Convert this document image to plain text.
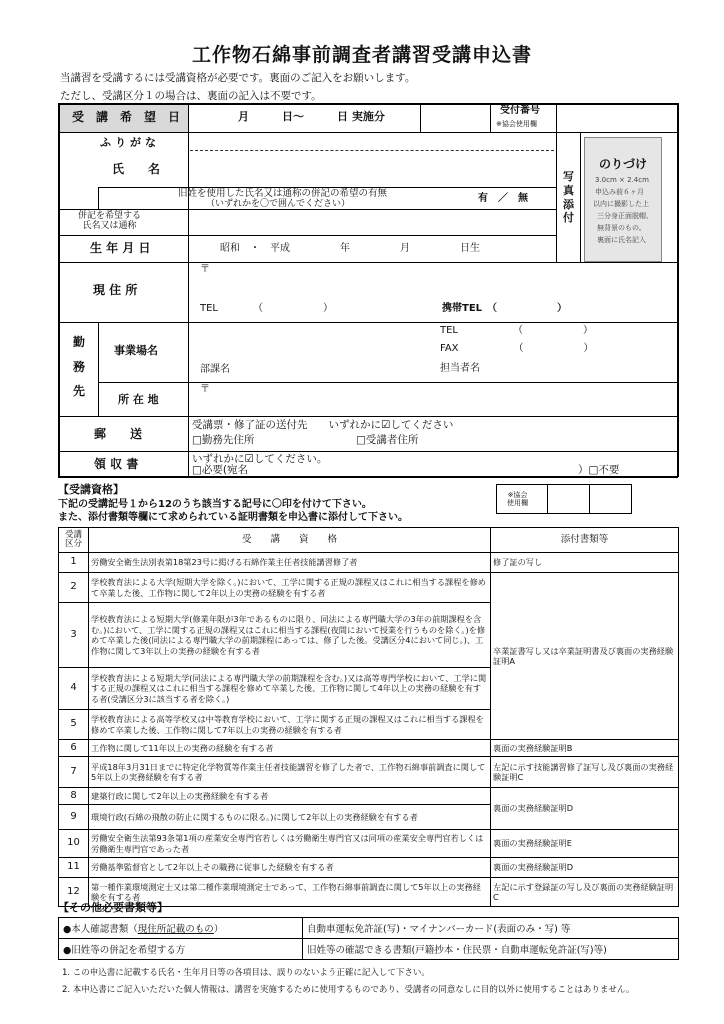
工作物石綿事前調査者講習受講申込書
当講習を受講するには受講資格が必要です。裏面のご記入をお願いします。
ただし、受講区分１の場合は、裏面の記入は不要です。
受　講　希　望　日	月　　　日～　　　日 実施分	受付番号
※協会使用欄
ふりがな
氏　　名
写真添付
のりづけ
3.0cm × 2.4cm
申込み前６ヶ月
以内に撮影した上
三分身正面脱帽、
無背景のもの。
裏面に氏名記入
旧姓を使用した氏名又は通称の併記の希望の有無
（いずれかを〇で囲んでください）	有　／　無
併記を希望する
氏名又は通称
生 年 月 日	昭和　・　平成　　　　　年　　　　　月　　　　　日生
現 住 所
〒
TEL　　　　（　　　　　　）	携帯TEL　（　　　　　　）
勤務先
事業場名
TEL　　　　　　（　　　　　　）
FAX　　　　　　（　　　　　　）
部課名	担当者名
所 在 地
〒
郵　　送
受講票・修了証の送付先　　いずれかに☑してください
□勤務先住所	□受講者住所
領 収 書	いずれかに☑してください。
□必要(宛名	）□不要
【受講資格】
下記の受講記号１から12のうち該当する記号に〇印を付けて下さい。
また、添付書類等欄にて求められている証明書類を申込書に添付して下さい。
※協会
使用欄
受講
区分	受　　講　　資　　格	添付書類等
1	労働安全衛生法別表第18第23号に掲げる石綿作業主任者技能講習修了者	修了証の写し
2	学校教育法による大学(短期大学を除く。)において、工学に関する正規の課程又はこれに相当する課程を修めて卒業した後、工作物に関して2年以上の実務の経験を有する者	卒業証書写し又は卒業証明書及び裏面の実務経験証明A
3	学校教育法による短期大学(修業年限が3年であるものに限り、同法による専門職大学の3年の前期課程を含む。)において、工学に関する正規の課程又はこれに相当する課程(夜間において授業を行うものを除く。)を修めて卒業した後(同法による専門職大学の前期課程にあっては、修了した後。受講区分4において同じ。)、工作物に関して3年以上の実務の経験を有する者	
4	学校教育法による短期大学(同法による専門職大学の前期課程を含む。)又は高等専門学校において、工学に関する正規の課程又はこれに相当する課程を修めて卒業した後、工作物に関して4年以上の実務の経験を有する者(受講区分3に該当する者を除く。)	
5	学校教育法による高等学校又は中等教育学校において、工学に関する正規の課程又はこれに相当する課程を修めて卒業した後、工作物に関して7年以上の実務の経験を有する者	
6	工作物に関して11年以上の実務の経験を有する者	裏面の実務経験証明B
7	平成18年3月31日までに特定化学物質等作業主任者技能講習を修了した者で、工作物石綿事前調査に関して5年以上の実務経験を有する者	左記に示す技能講習修了証写し及び裏面の実務経験証明C
8	建築行政に関して2年以上の実務経験を有する者	裏面の実務経験証明D
9	環境行政(石綿の飛散の防止に関するものに限る。)に関して2年以上の実務経験を有する者	
10	労働安全衛生法第93条第1項の産業安全専門官若しくは労働衛生専門官又は同項の産業安全専門官若しくは労働衛生専門官であった者	裏面の実務経験証明E
11	労働基準監督官として2年以上その職務に従事した経験を有する者	裏面の実務経験証明D
12	第一種作業環境測定士又は第二種作業環境測定士であって、工作物石綿事前調査に関して5年以上の実務経験を有する者	左記に示す登録証の写し及び裏面の実務経験証明C
【その他必要書類等】
●本人確認書類（現住所記載のもの）	自動車運転免許証(写)・マイナンバーカード(表面のみ・写) 等
●旧姓等の併記を希望する方	旧姓等の確認できる書類(戸籍抄本・住民票・自動車運転免許証(写)等)
1. この申込書に記載する氏名・生年月日等の各項目は、誤りのないよう正確に記入して下さい。
2. 本申込書にご記入いただいた個人情報は、講習を実施するために使用するものであり、受講者の同意なしに目的以外に使用することはありません。
